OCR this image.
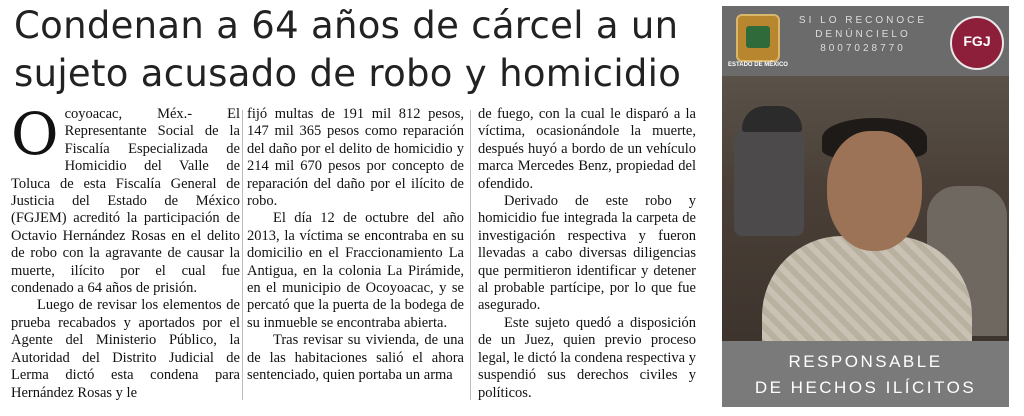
Condenan a 64 años de cárcel a un
sujeto acusado de robo y homicidio

Ocoyoacac, Méx.- El Representante Social de la Fiscalía Especializada de Homicidio del Valle de Toluca de esta Fiscalía General de Justicia del Estado de México (FGJEM) acreditó la participación de Octavio Hernández Rosas en el delito de robo con la agravante de causar la muerte, ilícito por el cual fue condenado a 64 años de prisión.

Luego de revisar los elementos de prueba recabados y aportados por el Agente del Ministerio Público, la Autoridad del Distrito Judicial de Lerma dictó esta condena para Hernández Rosas y le

fijó multas de 191 mil 812 pesos, 147 mil 365 pesos como reparación del daño por el delito de homicidio y 214 mil 670 pesos por concepto de reparación del daño por el ilícito de robo.

El día 12 de octubre del año 2013, la víctima se encontraba en su domicilio en el Fraccionamiento La Antigua, en la colonia La Pirámide, en el municipio de Ocoyoacac, y se percató que la puerta de la bodega de su inmueble se encontraba abierta.

Tras revisar su vivienda, de una de las habitaciones salió el ahora sentenciado, quien portaba un arma

de fuego, con la cual le disparó a la víctima, ocasionándole la muerte, después huyó a bordo de un vehículo marca Mercedes Benz, propiedad del ofendido.

Derivado de este robo y homicidio fue integrada la carpeta de investigación respectiva y fueron llevadas a cabo diversas diligencias que permitieron identificar y detener al probable partícipe, por lo que fue asegurado.

Este sujeto quedó a disposición de un Juez, quien previo proceso legal, le dictó la condena respectiva y suspendió sus derechos civiles y políticos.

ESTADO DE MÉXICO
SI LO RECONOCE
DENÚNCIELO
8007028770	FGJ
RESPONSABLE
DE HECHOS ILÍCITOS
